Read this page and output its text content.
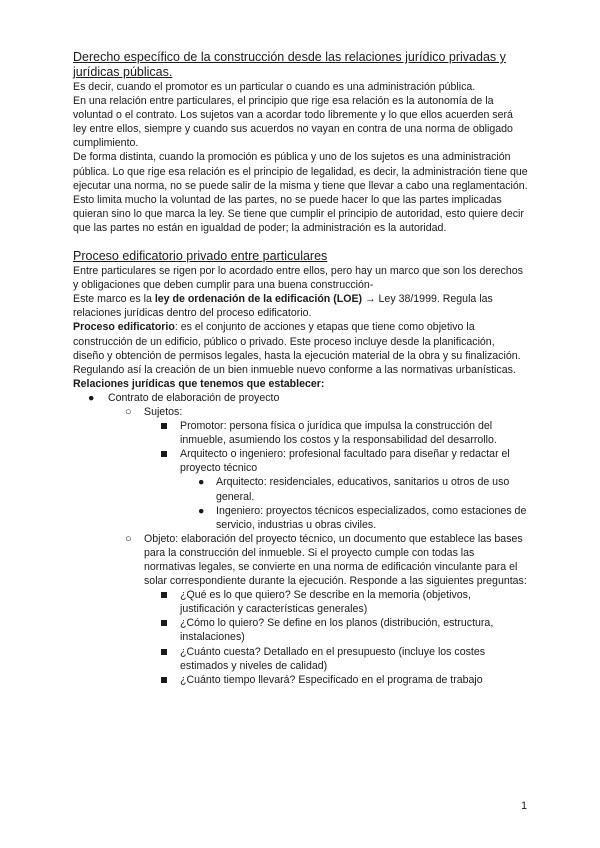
Derecho específico de la construcción desde las relaciones jurídico privadas y jurídicas públicas.

Es decir, cuando el promotor es un particular o cuando es una administración pública.

En una relación entre particulares, el principio que rige esa relación es la autonomía de la voluntad o el contrato. Los sujetos van a acordar todo libremente y lo que ellos acuerden será ley entre ellos, siempre y cuando sus acuerdos no vayan en contra de una norma de obligado cumplimiento.

De forma distinta, cuando la promoción es pública y uno de los sujetos es una administración pública. Lo que rige esa relación es el principio de legalidad, es decir, la administración tiene que ejecutar una norma, no se puede salir de la misma y tiene que llevar a cabo una reglamentación. Esto limita mucho la voluntad de las partes, no se puede hacer lo que las partes implicadas quieran sino lo que marca la ley. Se tiene que cumplir el principio de autoridad, esto quiere decir que las partes no están en igualdad de poder; la administración es la autoridad.

Proceso edificatorio privado entre particulares

Entre particulares se rigen por lo acordado entre ellos, pero hay un marco que son los derechos y obligaciones que deben cumplir para una buena construcción-

Este marco es la ley de ordenación de la edificación (LOE) → Ley 38/1999. Regula las relaciones jurídicas dentro del proceso edificatorio.

Proceso edificatorio: es el conjunto de acciones y etapas que tiene como objetivo la construcción de un edificio, público o privado. Este proceso incluye desde la planificación, diseño y obtención de permisos legales, hasta la ejecución material de la obra y su finalización. Regulando así la creación de un bien inmueble nuevo conforme a las normativas urbanísticas.

Relaciones jurídicas que tenemos que establecer:

● Contrato de elaboración de proyecto
○ Sujetos:
Promotor: persona física o jurídica que impulsa la construcción del inmueble, asumiendo los costos y la responsabilidad del desarrollo.
Arquitecto o ingeniero: profesional facultado para diseñar y redactar el proyecto técnico
● Arquitecto: residenciales, educativos, sanitarios u otros de uso general.
● Ingeniero: proyectos técnicos especializados, como estaciones de servicio, industrias u obras civiles.
○ Objeto: elaboración del proyecto técnico, un documento que establece las bases para la construcción del inmueble. Si el proyecto cumple con todas las normativas legales, se convierte en una norma de edificación vinculante para el solar correspondiente durante la ejecución. Responde a las siguientes preguntas:
¿Qué es lo que quiero? Se describe en la memoria (objetivos, justificación y características generales)
¿Cómo lo quiero? Se define en los planos (distribución, estructura, instalaciones)
¿Cuánto cuesta? Detallado en el presupuesto (incluye los costes estimados y niveles de calidad)
¿Cuánto tiempo llevará? Especificado en el programa de trabajo
1
